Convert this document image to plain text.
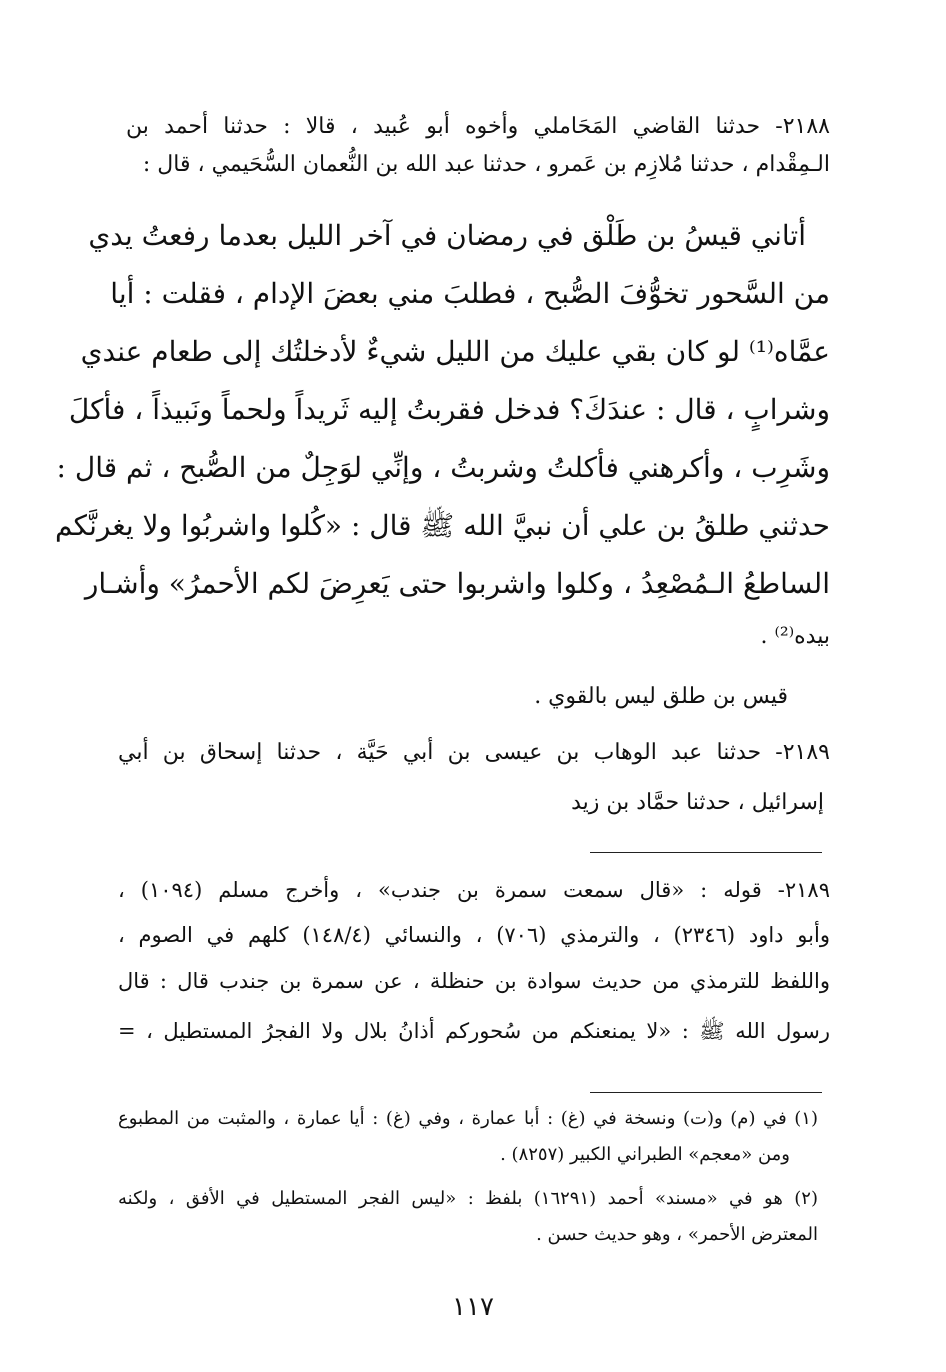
٢١٨٨- حدثنا القاضي المَحَاملي وأخوه أبو عُبيد ، قالا : حدثنا أحمد بن
الـمِقْدام ، حدثنا مُلازِم بن عَمرو ، حدثنا عبد الله بن النُّعمان السُّحَيمي ، قال :
أتاني قيسُ بن طَلْق في رمضان في آخر الليل بعدما رفعتُ يدي
من السَّحور تخوُّفَ الصُّبح ، فطلبَ مني بعضَ الإدام ، فقلت : أيا
عمَّاه⁽¹⁾ لو كان بقي عليك من الليل شيءٌ لأدخلتُك إلى طعام عندي
وشرابٍ ، قال : عندَكَ؟ فدخل فقربتُ إليه ثَريداً ولحماً ونَبيذاً ، فأكلَ
وشَرِب ، وأكرهني فأكلتُ وشربتُ ، وإنِّي لوَجِلٌ من الصُّبح ، ثم قال :
حدثني طلقُ بن علي أن نبيَّ الله ﷺ قال : «كُلوا واشربُوا ولا يغرنَّكم
الساطعُ الـمُصْعِدُ ، وكلوا واشربوا حتى يَعرِضَ لكم الأحمرُ» وأشـار
بيده⁽²⁾ .
قيس بن طلق ليس بالقوي .
٢١٨٩- حدثنا عبد الوهاب بن عيسى بن أبي حَيَّة ، حدثنا إسحاق بن أبي
إسرائيل ، حدثنا حمَّاد بن زيد
٢١٨٩- قوله : «قال سمعت سمرة بن جندب» ، وأخرج مسلم (١٠٩٤) ،
وأبو داود (٢٣٤٦) ، والترمذي (٧٠٦) ، والنسائي (١٤٨/٤) كلهم في الصوم ،
واللفظ للترمذي من حديث سوادة بن حنظلة ، عن سمرة بن جندب قال : قال
رسول الله ﷺ : «لا يمنعنكم من سُحوركم أذانُ بلال ولا الفجرُ المستطيل ، =
(١) في (م) و(ت) ونسخة في (غ) : أبا عمارة ، وفي (غ) : أيا عمارة ، والمثبت من المطبوع
ومن «معجم» الطبراني الكبير (٨٢٥٧) .
(٢) هو في «مسند» أحمد (١٦٢٩١) بلفظ : «ليس الفجر المستطيل في الأفق ، ولكنه
المعترض الأحمر» ، وهو حديث حسن .
١١٧
